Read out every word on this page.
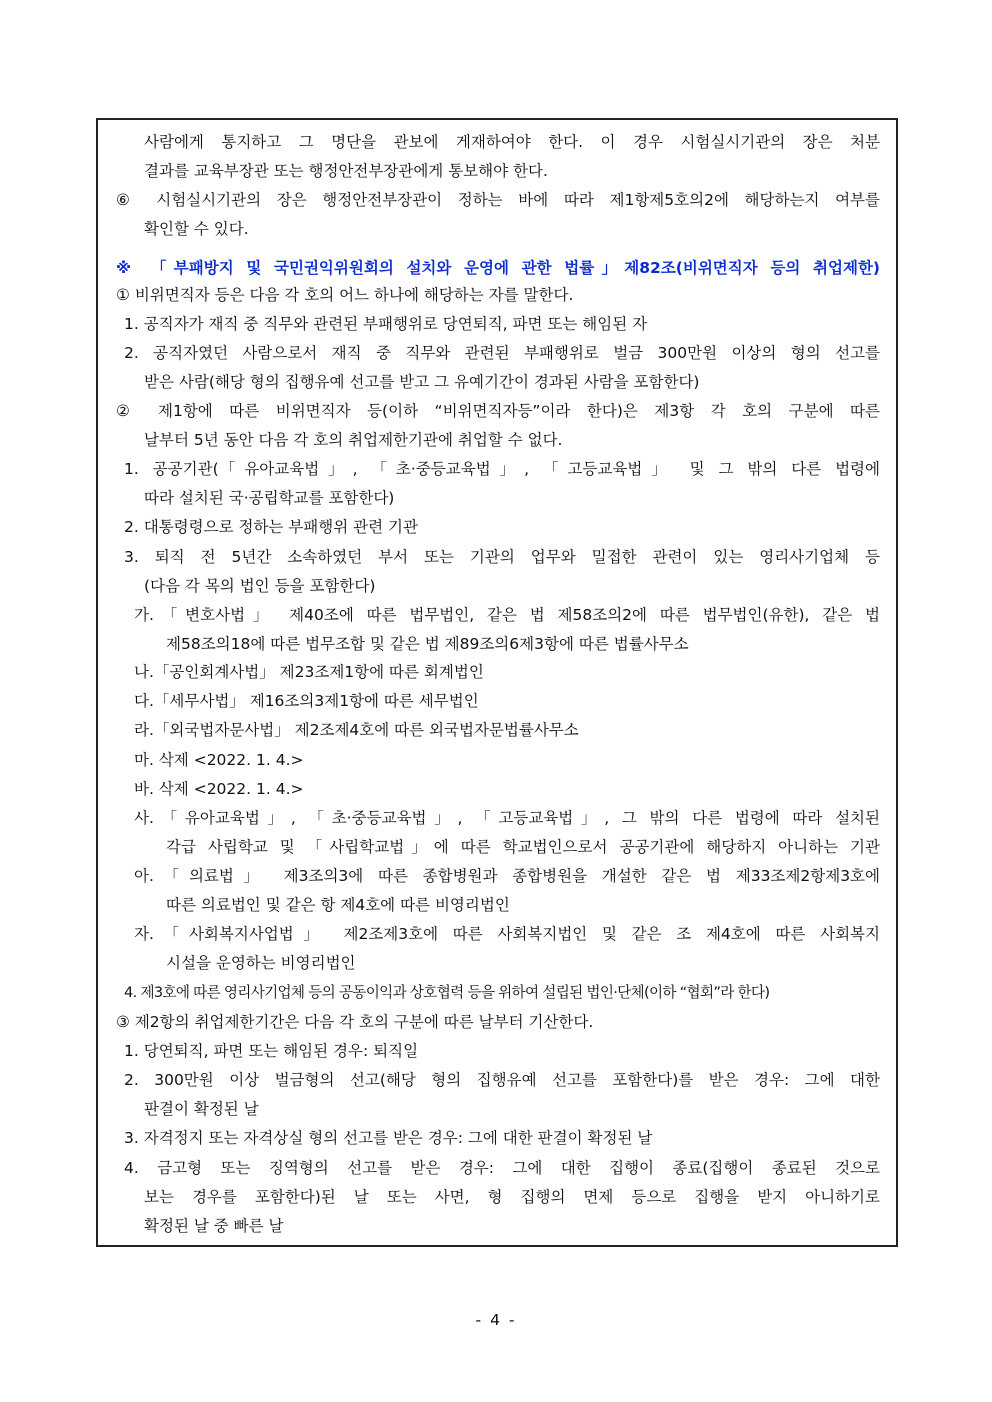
사람에게 통지하고 그 명단을 관보에 게재하여야 한다. 이 경우 시험실시기관의 장은 처분

결과를 교육부장관 또는 행정안전부장관에게 통보해야 한다.

⑥ 시험실시기관의 장은 행정안전부장관이 정하는 바에 따라 제1항제5호의2에 해당하는지 여부를

확인할 수 있다.

※ 「부패방지 및 국민권익위원회의 설치와 운영에 관한 법률」제82조(비위면직자 등의 취업제한)

① 비위면직자 등은 다음 각 호의 어느 하나에 해당하는 자를 말한다.

1. 공직자가 재직 중 직무와 관련된 부패행위로 당연퇴직, 파면 또는 해임된 자

2. 공직자였던 사람으로서 재직 중 직무와 관련된 부패행위로 벌금 300만원 이상의 형의 선고를

받은 사람(해당 형의 집행유예 선고를 받고 그 유예기간이 경과된 사람을 포함한다)

② 제1항에 따른 비위면직자 등(이하 “비위면직자등”이라 한다)은 제3항 각 호의 구분에 따른

날부터 5년 동안 다음 각 호의 취업제한기관에 취업할 수 없다.

1. 공공기관(「유아교육법」, 「초·중등교육법」, 「고등교육법」 및 그 밖의 다른 법령에

따라 설치된 국·공립학교를 포함한다)

2. 대통령령으로 정하는 부패행위 관련 기관

3. 퇴직 전 5년간 소속하였던 부서 또는 기관의 업무와 밀접한 관련이 있는 영리사기업체 등

(다음 각 목의 법인 등을 포함한다)

가.「변호사법」 제40조에 따른 법무법인, 같은 법 제58조의2에 따른 법무법인(유한), 같은 법

제58조의18에 따른 법무조합 및 같은 법 제89조의6제3항에 따른 법률사무소

나.「공인회계사법」 제23조제1항에 따른 회계법인

다.「세무사법」 제16조의3제1항에 따른 세무법인

라.「외국법자문사법」 제2조제4호에 따른 외국법자문법률사무소

마. 삭제 <2022. 1. 4.>

바. 삭제 <2022. 1. 4.>

사.「유아교육법」, 「초·중등교육법」, 「고등교육법」, 그 밖의 다른 법령에 따라 설치된

각급 사립학교 및 「사립학교법」에 따른 학교법인으로서 공공기관에 해당하지 아니하는 기관

아.「의료법」 제3조의3에 따른 종합병원과 종합병원을 개설한 같은 법 제33조제2항제3호에

따른 의료법인 및 같은 항 제4호에 따른 비영리법인

자.「사회복지사업법」 제2조제3호에 따른 사회복지법인 및 같은 조 제4호에 따른 사회복지

시설을 운영하는 비영리법인

4. 제3호에 따른 영리사기업체 등의 공동이익과 상호협력 등을 위하여 설립된 법인·단체(이하 “협회”라 한다)

③ 제2항의 취업제한기간은 다음 각 호의 구분에 따른 날부터 기산한다.

1. 당연퇴직, 파면 또는 해임된 경우: 퇴직일

2. 300만원 이상 벌금형의 선고(해당 형의 집행유예 선고를 포함한다)를 받은 경우: 그에 대한

판결이 확정된 날

3. 자격정지 또는 자격상실 형의 선고를 받은 경우: 그에 대한 판결이 확정된 날

4. 금고형 또는 징역형의 선고를 받은 경우: 그에 대한 집행이 종료(집행이 종료된 것으로

보는 경우를 포함한다)된 날 또는 사면, 형 집행의 면제 등으로 집행을 받지 아니하기로

확정된 날 중 빠른 날

- 4 -
